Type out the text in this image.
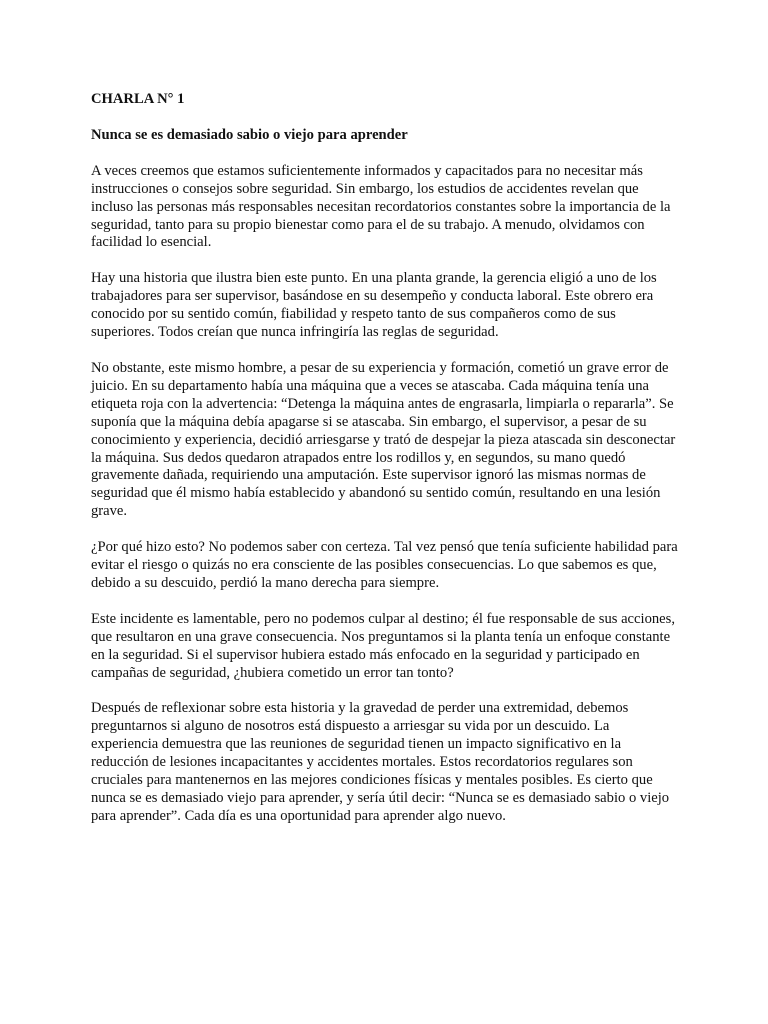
CHARLA N° 1

Nunca se es demasiado sabio o viejo para aprender

A veces creemos que estamos suficientemente informados y capacitados para no necesitar más instrucciones o consejos sobre seguridad. Sin embargo, los estudios de accidentes revelan que incluso las personas más responsables necesitan recordatorios constantes sobre la importancia de la seguridad, tanto para su propio bienestar como para el de su trabajo. A menudo, olvidamos con facilidad lo esencial.

Hay una historia que ilustra bien este punto. En una planta grande, la gerencia eligió a uno de los trabajadores para ser supervisor, basándose en su desempeño y conducta laboral. Este obrero era conocido por su sentido común, fiabilidad y respeto tanto de sus compañeros como de sus superiores. Todos creían que nunca infringiría las reglas de seguridad.

No obstante, este mismo hombre, a pesar de su experiencia y formación, cometió un grave error de juicio. En su departamento había una máquina que a veces se atascaba. Cada máquina tenía una etiqueta roja con la advertencia: “Detenga la máquina antes de engrasarla, limpiarla o repararla”. Se suponía que la máquina debía apagarse si se atascaba. Sin embargo, el supervisor, a pesar de su conocimiento y experiencia, decidió arriesgarse y trató de despejar la pieza atascada sin desconectar la máquina. Sus dedos quedaron atrapados entre los rodillos y, en segundos, su mano quedó gravemente dañada, requiriendo una amputación. Este supervisor ignoró las mismas normas de seguridad que él mismo había establecido y abandonó su sentido común, resultando en una lesión grave.

¿Por qué hizo esto? No podemos saber con certeza. Tal vez pensó que tenía suficiente habilidad para evitar el riesgo o quizás no era consciente de las posibles consecuencias. Lo que sabemos es que, debido a su descuido, perdió la mano derecha para siempre.

Este incidente es lamentable, pero no podemos culpar al destino; él fue responsable de sus acciones, que resultaron en una grave consecuencia. Nos preguntamos si la planta tenía un enfoque constante en la seguridad. Si el supervisor hubiera estado más enfocado en la seguridad y participado en campañas de seguridad, ¿hubiera cometido un error tan tonto?

Después de reflexionar sobre esta historia y la gravedad de perder una extremidad, debemos preguntarnos si alguno de nosotros está dispuesto a arriesgar su vida por un descuido. La experiencia demuestra que las reuniones de seguridad tienen un impacto significativo en la reducción de lesiones incapacitantes y accidentes mortales. Estos recordatorios regulares son cruciales para mantenernos en las mejores condiciones físicas y mentales posibles. Es cierto que nunca se es demasiado viejo para aprender, y sería útil decir: “Nunca se es demasiado sabio o viejo para aprender”. Cada día es una oportunidad para aprender algo nuevo.
